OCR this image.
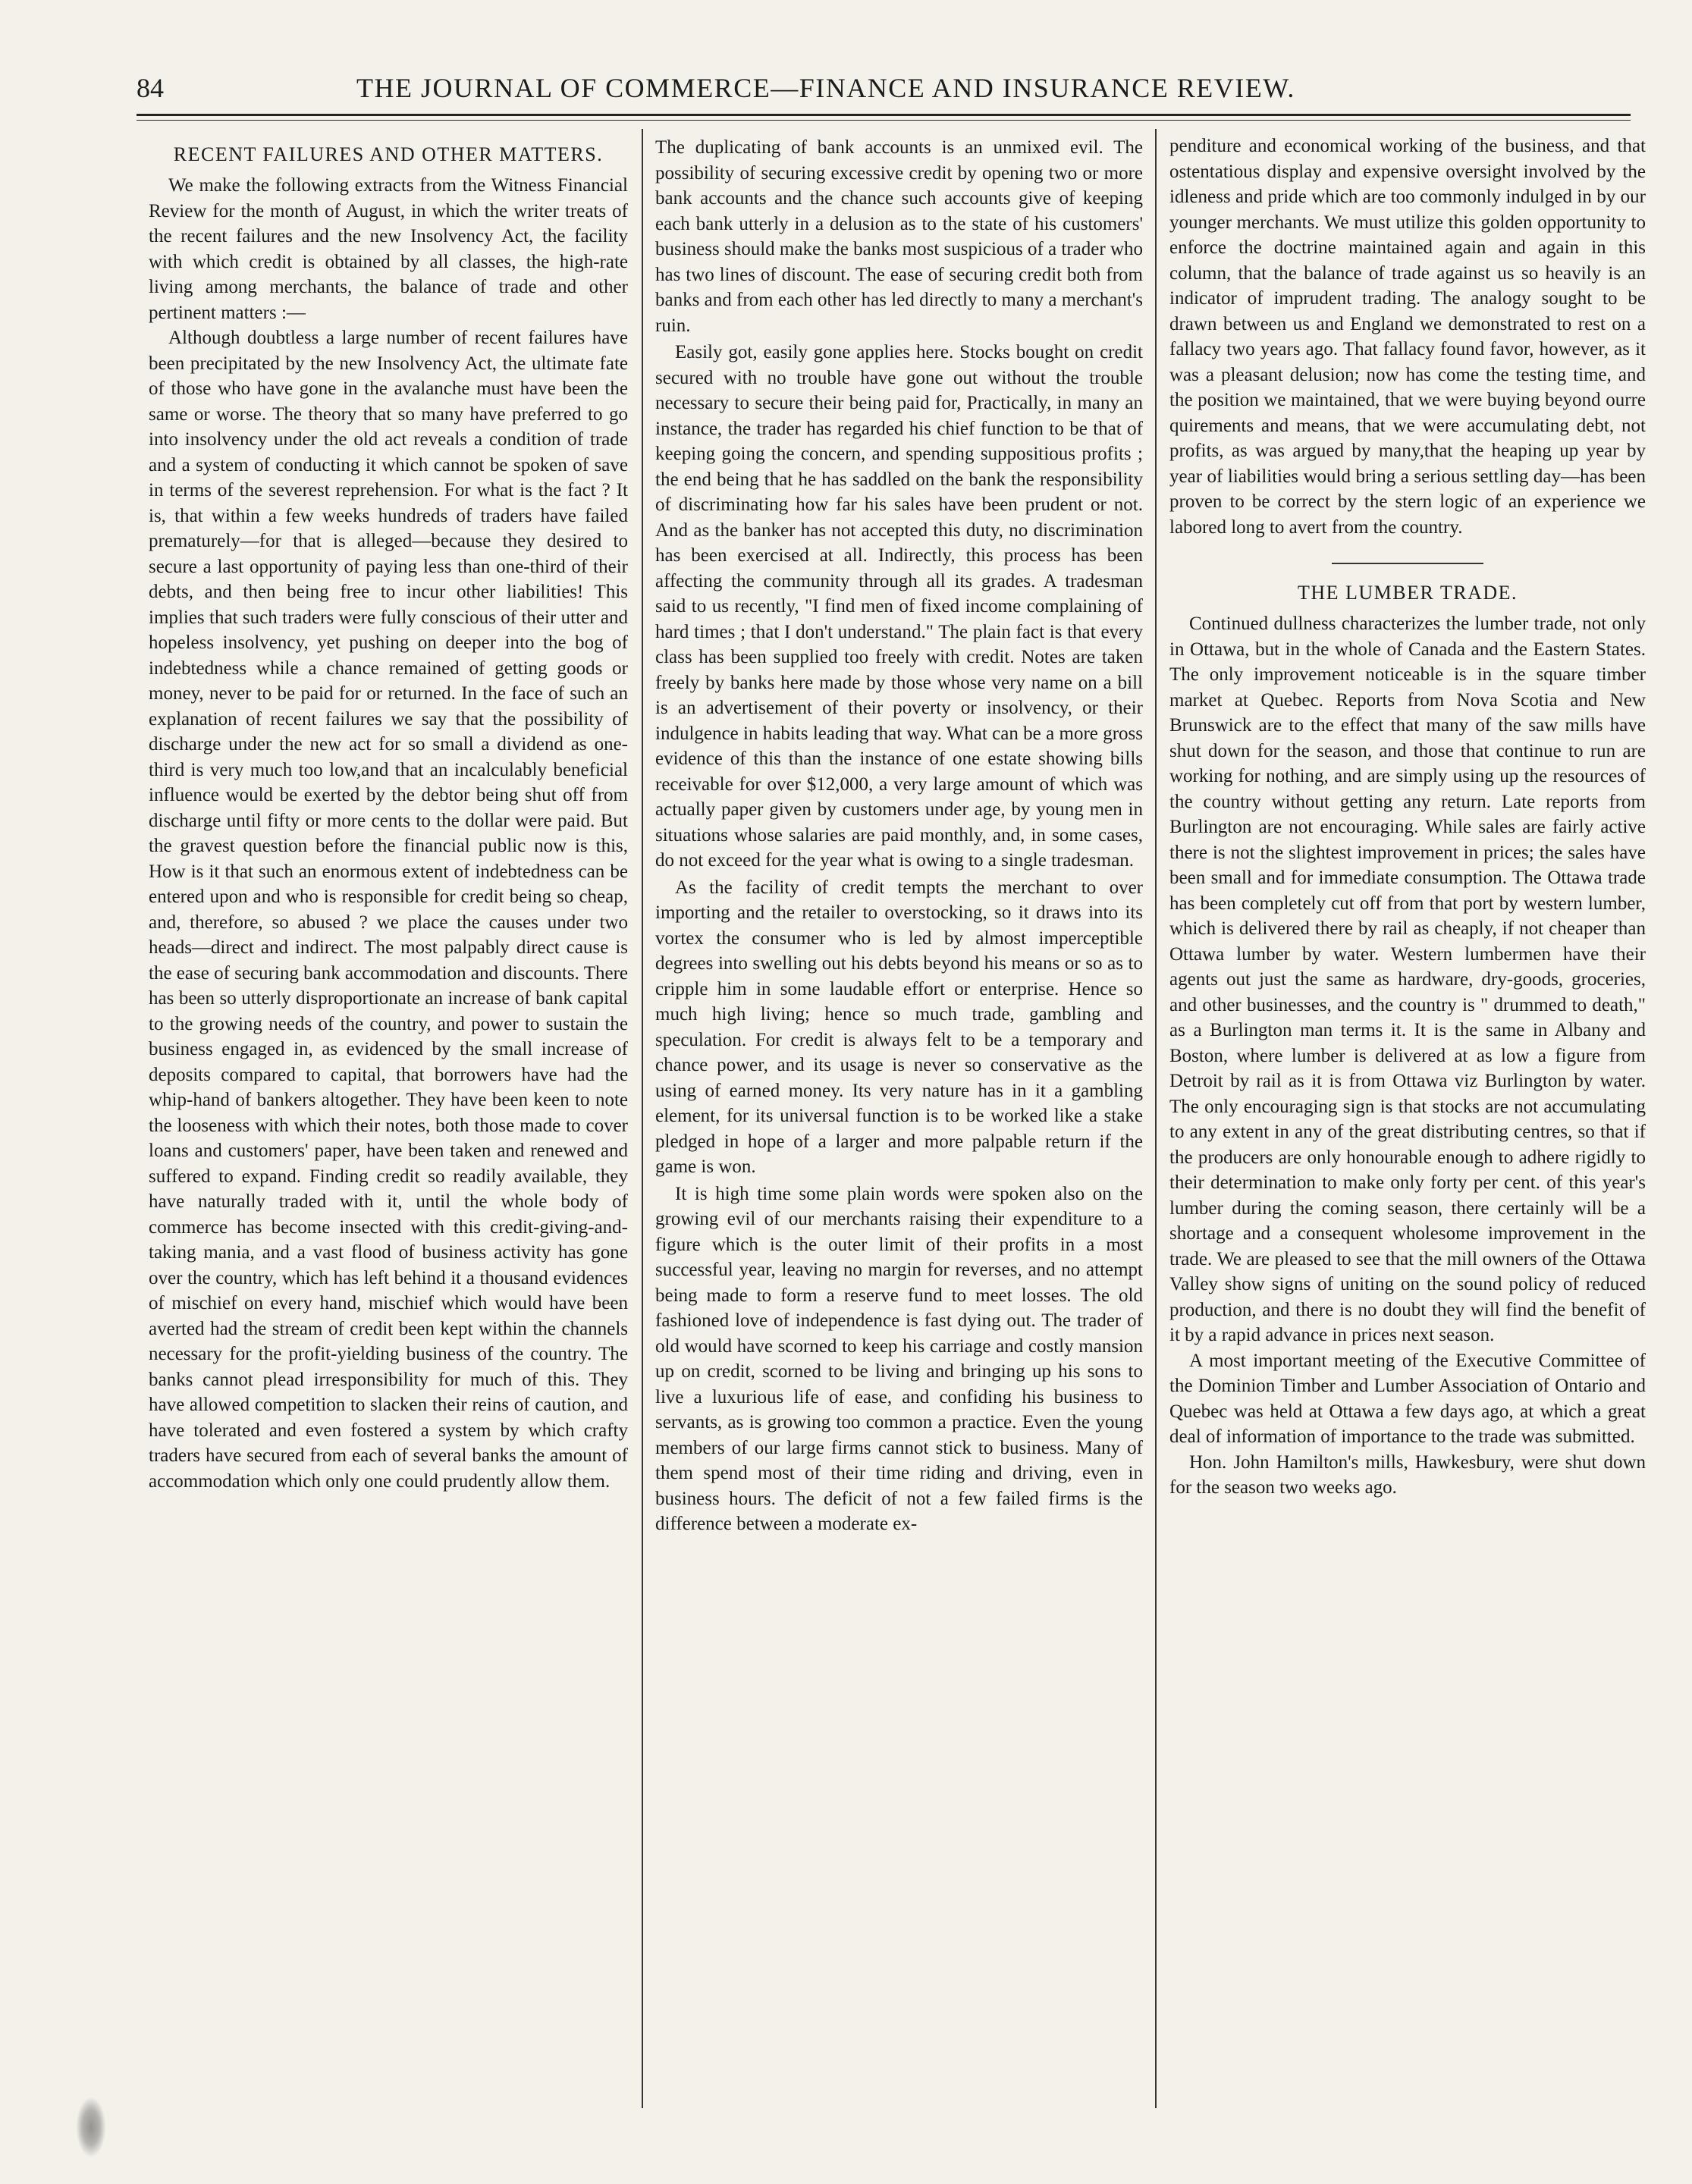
84	THE JOURNAL OF COMMERCE—FINANCE AND INSURANCE REVIEW.
RECENT FAILURES AND OTHER MATTERS.

We make the following extracts from the Witness Financial Review for the month of August, in which the writer treats of the recent failures and the new Insolvency Act, the facility with which credit is obtained by all classes, the high-rate living among merchants, the balance of trade and other pertinent matters :—

Although doubtless a large number of recent failures have been precipitated by the new Insolvency Act, the ultimate fate of those who have gone in the avalanche must have been the same or worse. The theory that so many have preferred to go into insolvency under the old act reveals a condition of trade and a system of conducting it which cannot be spoken of save in terms of the severest reprehension. For what is the fact ? It is, that within a few weeks hundreds of traders have failed prematurely—for that is alleged—because they desired to secure a last opportunity of paying less than one-third of their debts, and then being free to incur other liabilities! This implies that such traders were fully conscious of their utter and hopeless insolvency, yet pushing on deeper into the bog of indebtedness while a chance remained of getting goods or money, never to be paid for or returned. In the face of such an explanation of recent failures we say that the possibility of discharge under the new act for so small a dividend as one-third is very much too low,and that an incalculably beneficial influence would be exerted by the debtor being shut off from discharge until fifty or more cents to the dollar were paid. But the gravest question before the financial public now is this, How is it that such an enormous extent of indebtedness can be entered upon and who is responsible for credit being so cheap, and, therefore, so abused ? we place the causes under two heads—direct and indirect. The most palpably direct cause is the ease of securing bank accommodation and discounts. There has been so utterly disproportionate an increase of bank capital to the growing needs of the country, and power to sustain the business engaged in, as evidenced by the small increase of deposits compared to capital, that borrowers have had the whip-hand of bankers altogether. They have been keen to note the looseness with which their notes, both those made to cover loans and customers' paper, have been taken and renewed and suffered to expand. Finding credit so readily available, they have naturally traded with it, until the whole body of commerce has become insected with this credit-giving-and-taking mania, and a vast flood of business activity has gone over the country, which has left behind it a thousand evidences of mischief on every hand, mischief which would have been averted had the stream of credit been kept within the channels necessary for the profit-yielding business of the country. The banks cannot plead irresponsibility for much of this. They have allowed competition to slacken their reins of caution, and have tolerated and even fostered a system by which crafty traders have secured from each of several banks the amount of accommodation which only one could prudently allow them.

The duplicating of bank accounts is an unmixed evil. The possibility of securing excessive credit by opening two or more bank accounts and the chance such accounts give of keeping each bank utterly in a delusion as to the state of his customers' business should make the banks most suspicious of a trader who has two lines of discount. The ease of securing credit both from banks and from each other has led directly to many a merchant's ruin.

Easily got, easily gone applies here. Stocks bought on credit secured with no trouble have gone out without the trouble necessary to secure their being paid for, Practically, in many an instance, the trader has regarded his chief function to be that of keeping going the concern, and spending suppositious profits ; the end being that he has saddled on the bank the responsibility of discriminating how far his sales have been prudent or not. And as the banker has not accepted this duty, no discrimination has been exercised at all. Indirectly, this process has been affecting the community through all its grades. A tradesman said to us recently, "I find men of fixed income complaining of hard times ; that I don't understand." The plain fact is that every class has been supplied too freely with credit. Notes are taken freely by banks here made by those whose very name on a bill is an advertisement of their poverty or insolvency, or their indulgence in habits leading that way. What can be a more gross evidence of this than the instance of one estate showing bills receivable for over $12,000, a very large amount of which was actually paper given by customers under age, by young men in situations whose salaries are paid monthly, and, in some cases, do not exceed for the year what is owing to a single tradesman.

As the facility of credit tempts the merchant to over importing and the retailer to overstocking, so it draws into its vortex the consumer who is led by almost imperceptible degrees into swelling out his debts beyond his means or so as to cripple him in some laudable effort or enterprise. Hence so much high living; hence so much trade, gambling and speculation. For credit is always felt to be a temporary and chance power, and its usage is never so conservative as the using of earned money. Its very nature has in it a gambling element, for its universal function is to be worked like a stake pledged in hope of a larger and more palpable return if the game is won.

It is high time some plain words were spoken also on the growing evil of our merchants raising their expenditure to a figure which is the outer limit of their profits in a most successful year, leaving no margin for reverses, and no attempt being made to form a reserve fund to meet losses. The old fashioned love of independence is fast dying out. The trader of old would have scorned to keep his carriage and costly mansion up on credit, scorned to be living and bringing up his sons to live a luxurious life of ease, and confiding his business to servants, as is growing too common a practice. Even the young members of our large firms cannot stick to business. Many of them spend most of their time riding and driving, even in business hours. The deficit of not a few failed firms is the difference between a moderate ex-

penditure and economical working of the business, and that ostentatious display and expensive oversight involved by the idleness and pride which are too commonly indulged in by our younger merchants. We must utilize this golden opportunity to enforce the doctrine maintained again and again in this column, that the balance of trade against us so heavily is an indicator of imprudent trading. The analogy sought to be drawn between us and England we demonstrated to rest on a fallacy two years ago. That fallacy found favor, however, as it was a pleasant delusion; now has come the testing time, and the position we maintained, that we were buying beyond ourre quirements and means, that we were accumulating debt, not profits, as was argued by many,that the heaping up year by year of liabilities would bring a serious settling day—has been proven to be correct by the stern logic of an experience we labored long to avert from the country.

THE LUMBER TRADE.

Continued dullness characterizes the lumber trade, not only in Ottawa, but in the whole of Canada and the Eastern States. The only improvement noticeable is in the square timber market at Quebec. Reports from Nova Scotia and New Brunswick are to the effect that many of the saw mills have shut down for the season, and those that continue to run are working for nothing, and are simply using up the resources of the country without getting any return. Late reports from Burlington are not encouraging. While sales are fairly active there is not the slightest improvement in prices; the sales have been small and for immediate consumption. The Ottawa trade has been completely cut off from that port by western lumber, which is delivered there by rail as cheaply, if not cheaper than Ottawa lumber by water. Western lumbermen have their agents out just the same as hardware, dry-goods, groceries, and other businesses, and the country is " drummed to death," as a Burlington man terms it. It is the same in Albany and Boston, where lumber is delivered at as low a figure from Detroit by rail as it is from Ottawa viz Burlington by water. The only encouraging sign is that stocks are not accumulating to any extent in any of the great distributing centres, so that if the producers are only honourable enough to adhere rigidly to their determination to make only forty per cent. of this year's lumber during the coming season, there certainly will be a shortage and a consequent wholesome improvement in the trade. We are pleased to see that the mill owners of the Ottawa Valley show signs of uniting on the sound policy of reduced production, and there is no doubt they will find the benefit of it by a rapid advance in prices next season.

A most important meeting of the Executive Committee of the Dominion Timber and Lumber Association of Ontario and Quebec was held at Ottawa a few days ago, at which a great deal of information of importance to the trade was submitted.

Hon. John Hamilton's mills, Hawkesbury, were shut down for the season two weeks ago.
